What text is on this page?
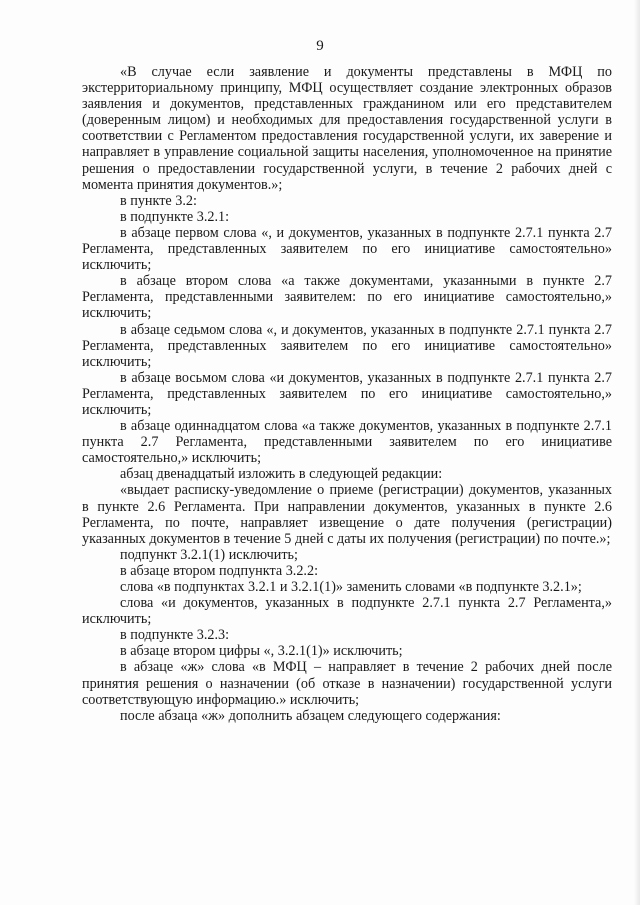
9

«В случае если заявление и документы представлены в МФЦ по экстерриториальному принципу, МФЦ осуществляет создание электронных образов заявления и документов, представленных гражданином или его представителем (доверенным лицом) и необходимых для предоставления государственной услуги в соответствии с Регламентом предоставления государственной услуги, их заверение и направляет в управление социальной защиты населения, уполномоченное на принятие решения о предоставлении государственной услуги, в течение 2 рабочих дней с момента принятия документов.»;

в пункте 3.2:

в подпункте 3.2.1:

в абзаце первом слова «, и документов, указанных в подпункте 2.7.1 пункта 2.7 Регламента, представленных заявителем по его инициативе самостоятельно» исключить;

в абзаце втором слова «а также документами, указанными в пункте 2.7 Регламента, представленными заявителем: по его инициативе самостоятельно,» исключить;

в абзаце седьмом слова «, и документов, указанных в подпункте 2.7.1 пункта 2.7 Регламента, представленных заявителем по его инициативе самостоятельно» исключить;

в абзаце восьмом слова «и документов, указанных в подпункте 2.7.1 пункта 2.7 Регламента, представленных заявителем по его инициативе самостоятельно,» исключить;

в абзаце одиннадцатом слова «а также документов, указанных в подпункте 2.7.1 пункта 2.7 Регламента, представленными заявителем по его инициативе самостоятельно,» исключить;

абзац двенадцатый изложить в следующей редакции:

«выдает расписку-уведомление о приеме (регистрации) документов, указанных в пункте 2.6 Регламента. При направлении документов, указанных в пункте 2.6 Регламента, по почте, направляет извещение о дате получения (регистрации) указанных документов в течение 5 дней с даты их получения (регистрации) по почте.»;

подпункт 3.2.1(1) исключить;

в абзаце втором подпункта 3.2.2:

слова «в подпунктах 3.2.1 и 3.2.1(1)» заменить словами «в подпункте 3.2.1»;

слова «и документов, указанных в подпункте 2.7.1 пункта 2.7 Регламента,» исключить;

в подпункте 3.2.3:

в абзаце втором цифры «, 3.2.1(1)» исключить;

в абзаце «ж» слова «в МФЦ – направляет в течение 2 рабочих дней после принятия решения о назначении (об отказе в назначении) государственной услуги соответствующую информацию.» исключить;

после абзаца «ж» дополнить абзацем следующего содержания:
